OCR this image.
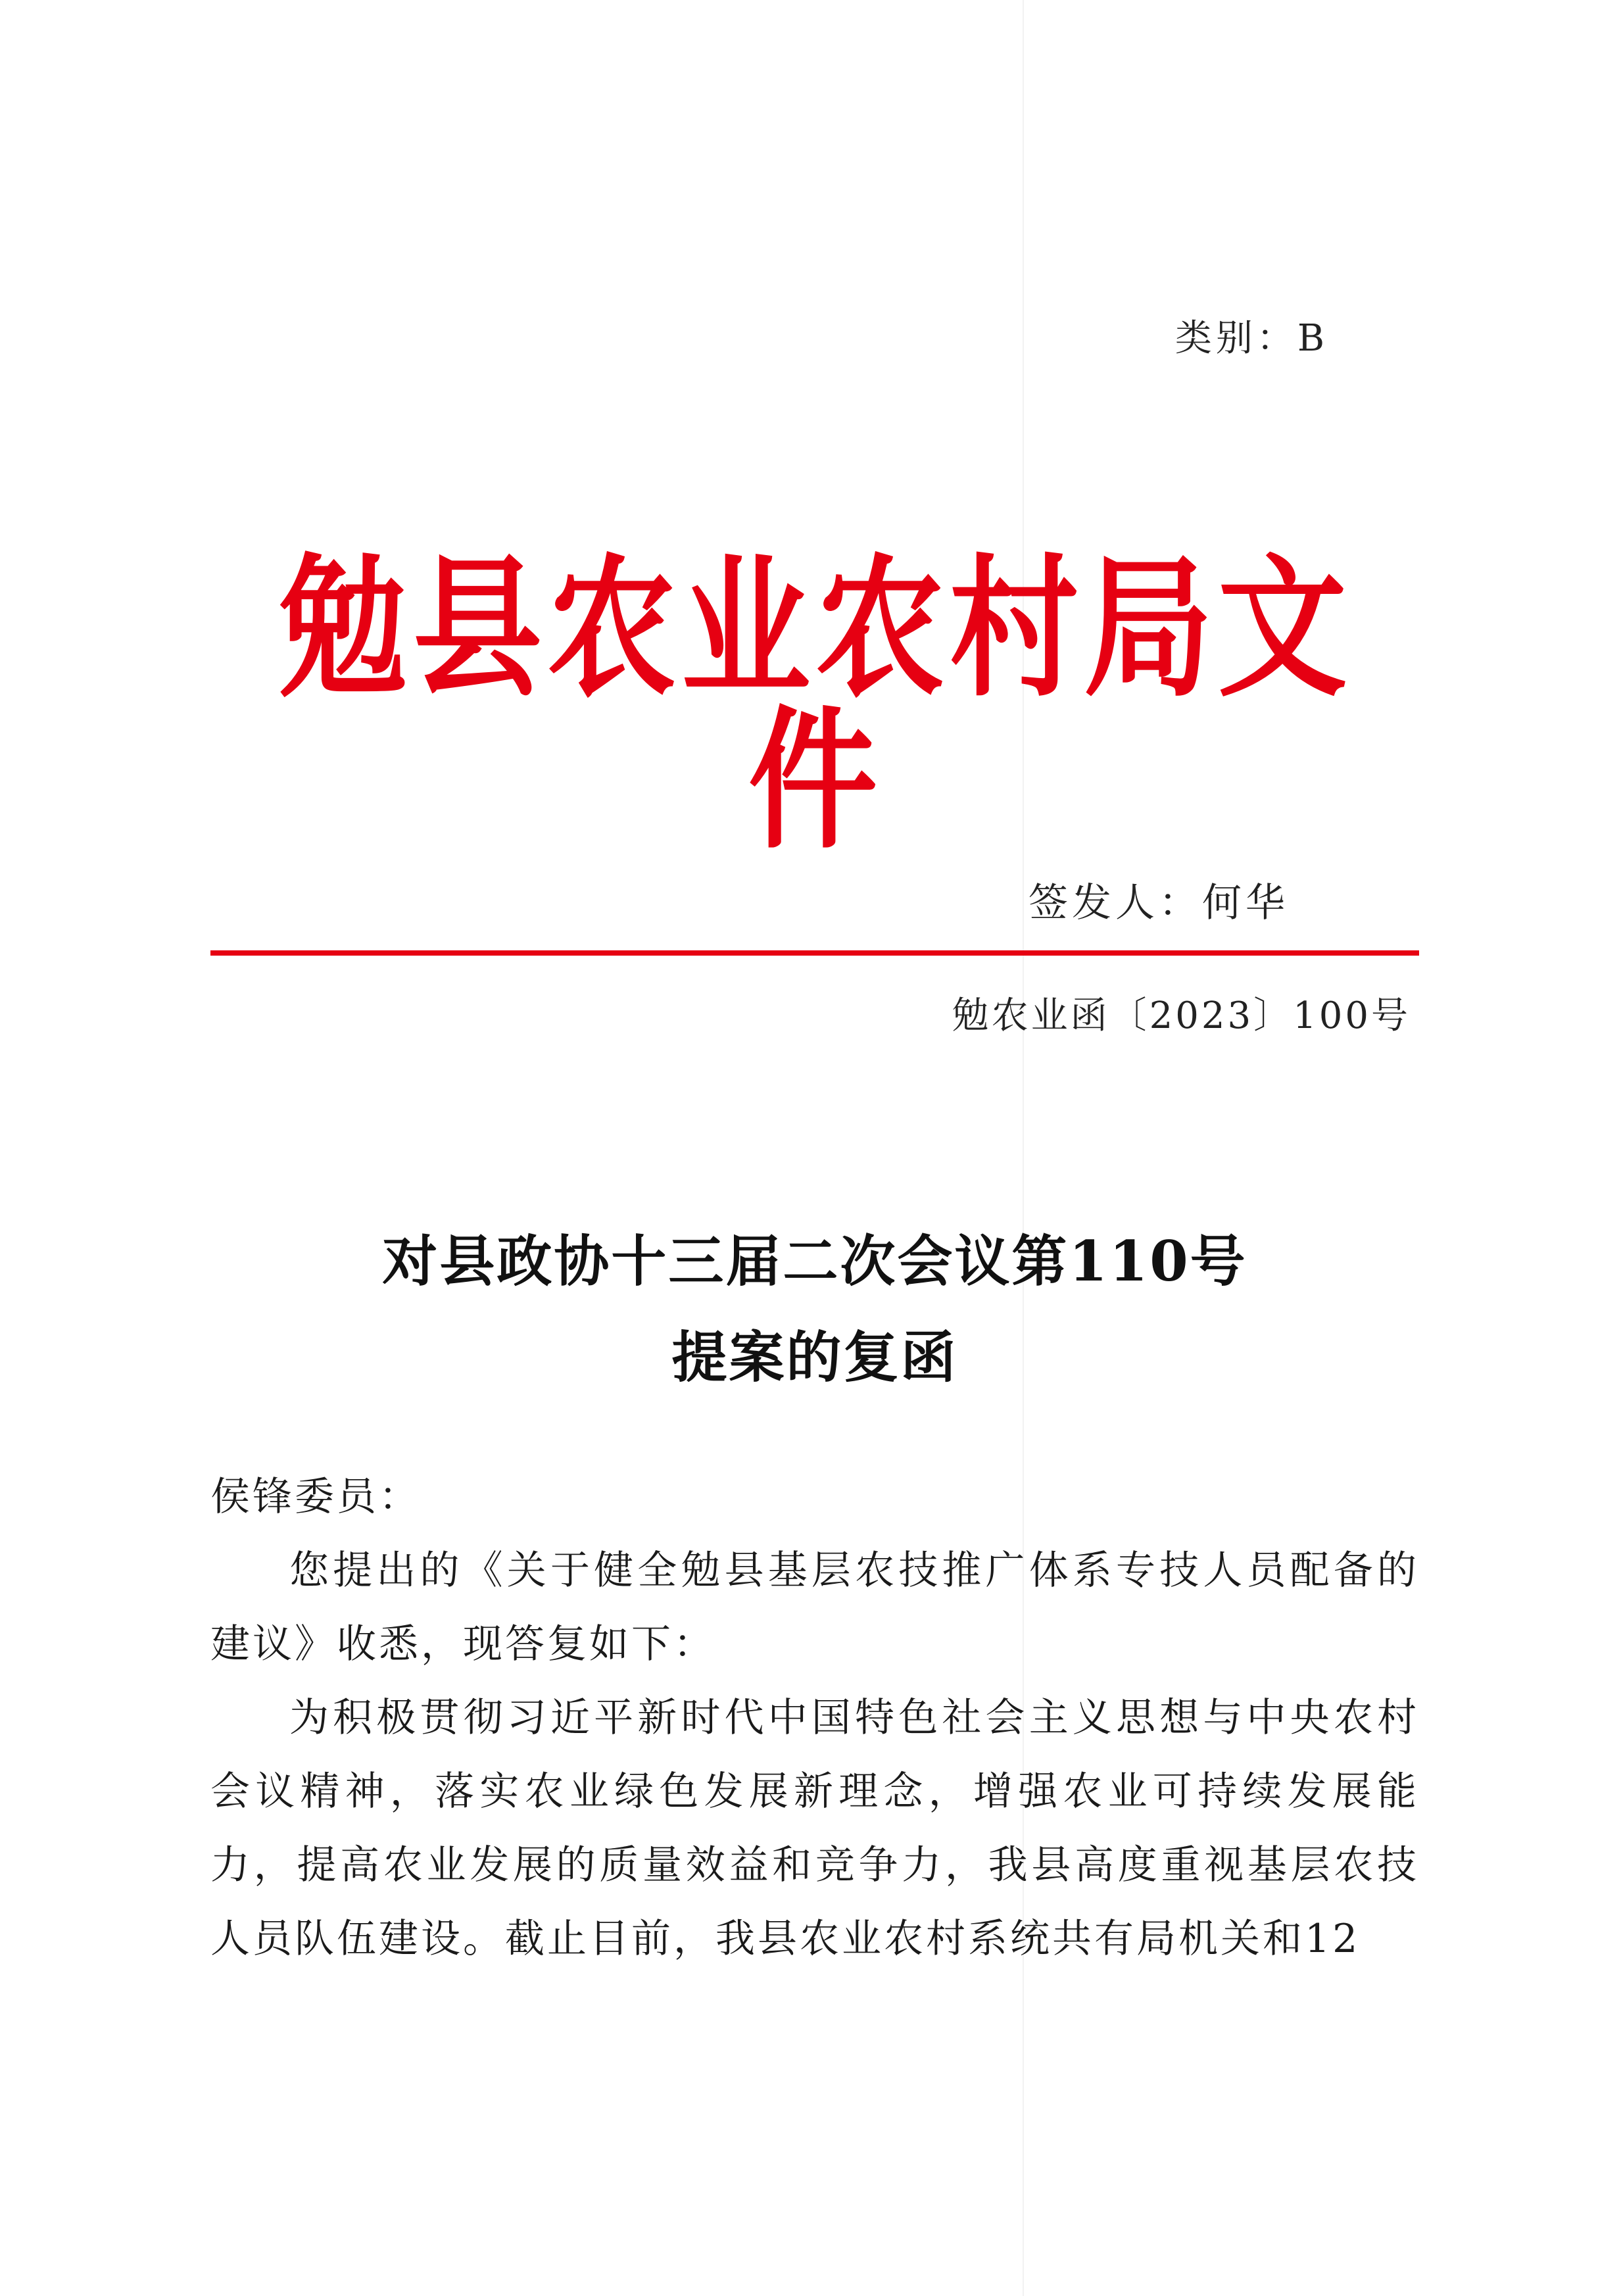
类别：B
勉县农业农村局文件
签发人：何华
勉农业函〔2023〕100号
对县政协十三届二次会议第110号
提案的复函

侯锋委员：

您提出的《关于健全勉县基层农技推广体系专技人员配备的建议》收悉，现答复如下：

为积极贯彻习近平新时代中国特色社会主义思想与中央农村会议精神，落实农业绿色发展新理念，增强农业可持续发展能力，提高农业发展的质量效益和竞争力，我县高度重视基层农技人员队伍建设。截止目前，我县农业农村系统共有局机关和12
